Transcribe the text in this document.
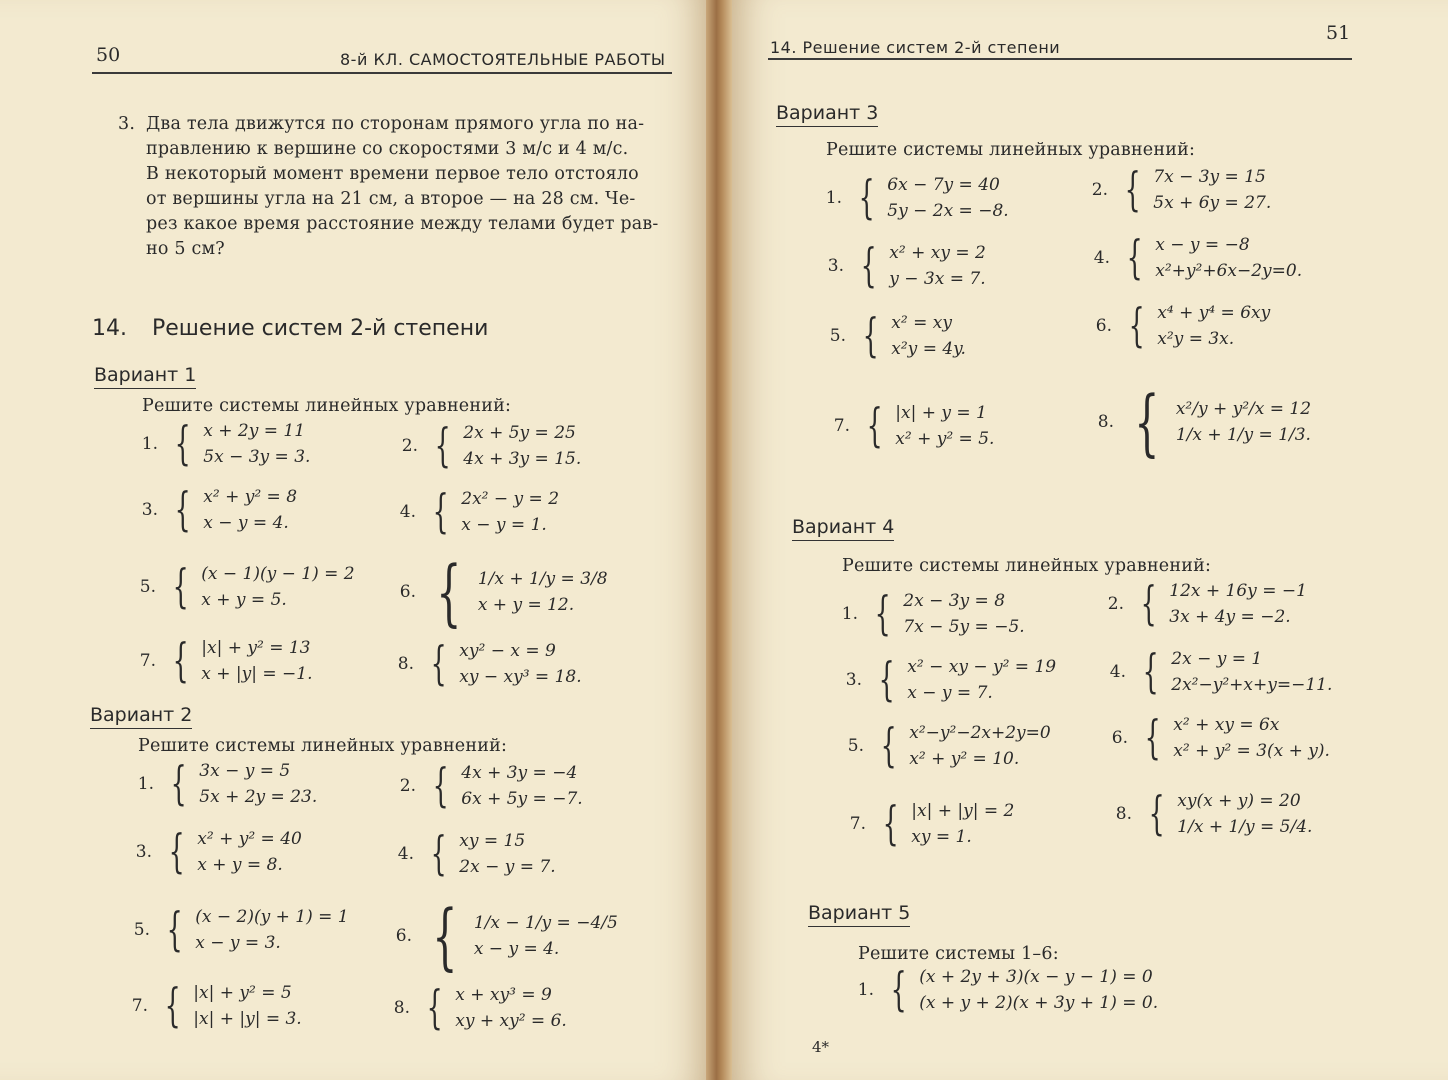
50	8-й КЛ. САМОСТОЯТЕЛЬНЫЕ РАБОТЫ
3. Два тела движутся по сторонам прямого угла по на-
правлению к вершине со скоростями 3 м/с и 4 м/с.
В некоторый момент времени первое тело отстояло
от вершины угла на 21 см, а второе — на 28 см. Че-
рез какое время расстояние между телами будет рав-
но 5 см?
14. Решение систем 2-й степени
Вариант 1
Решите системы линейных уравнений:
1. { x + 2y = 11
5x − 3y = 3.
2. { 2x + 5y = 25
4x + 3y = 15.
3. { x² + y² = 8
x − y = 4.
4. { 2x² − y = 2
x − y = 1.
5. { (x − 1)(y − 1) = 2
x + y = 5.	6. { 1/x + 1/y = 3/8
x + y = 12.
7. { |x| + y² = 13
x + |y| = −1.	8. { xy² − x = 9
xy − xy³ = 18.
Вариант 2
Решите системы линейных уравнений:
1. { 3x − y = 5
5x + 2y = 23.
2. { 4x + 3y = −4
6x + 5y = −7.
3. { x² + y² = 40
x + y = 8.
4. { xy = 15
2x − y = 7.
5. { (x − 2)(y + 1) = 1
x − y = 3.	6. { 1/x − 1/y = −4/5
x − y = 4.
7. { |x| + y² = 5
|x| + |y| = 3.
8. { x + xy³ = 9
xy + xy² = 6.
14. Решение систем 2-й степени
51
Вариант 3
Решите системы линейных уравнений:
1. { 6x − 7y = 40
5y − 2x = −8.
2. { 7x − 3y = 15
5x + 6y = 27.
3. { x² + xy = 2
y − 3x = 7.
4. { x − y = −8
x²+y²+6x−2y=0.
5. { x² = xy
x²y = 4y.
6. { x⁴ + y⁴ = 6xy
x²y = 3x.
7. { |x| + y = 1
x² + y² = 5.
8. { x²/y + y²/x = 12
1/x + 1/y = 1/3.
Вариант 4
Решите системы линейных уравнений:
1. { 2x − 3y = 8
7x − 5y = −5.
2. { 12x + 16y = −1
3x + 4y = −2.
3. { x² − xy − y² = 19
x − y = 7.
4. { 2x − y = 1
2x²−y²+x+y=−11.
5. { x²−y²−2x+2y=0
x² + y² = 10.
6. { x² + xy = 6x
x² + y² = 3(x + y).
7. { |x| + |y| = 2
xy = 1.
8. { xy(x + y) = 20
1/x + 1/y = 5/4.
Вариант 5
Решите системы 1–6:
1. { (x + 2y + 3)(x − y − 1) = 0
(x + y + 2)(x + 3y + 1) = 0.
4*
